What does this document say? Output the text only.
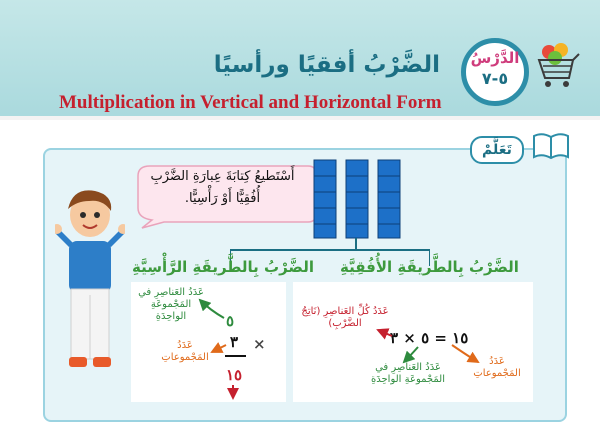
الدَّرْسُ
٥-٧
الضَّرْبُ أفقيًا ورأسيًا
Multiplication in Vertical and Horizontal Form
تَعَلَّمْ
أَسْتَطيعُ كِتابَةَ عِبارَةِ الضَّرْبِ
أُفُقِيًّا أَوْ رَأْسِيًّا.
الضَّرْبُ بِالطَّريقَةِ الرَّأْسِيَّةِ الضَّرْبُ بِالطَّريقَةِ الأُفُقِيَّةِ
عَدَدُ العَناصِرِ في المَجْموعَةِ الواحِدَةِ	٥
عَدَدُ المَجْموعاتِ
×
٣
١٥
عَدَدُ كُلِّ العَناصِرِ (نَاتِجُ الضَّرْبِ)
١٥ = ٥ × ٣
عَدَدُ العَناصِرِ في المَجْموعَةِ الواحِدَةِ
عَدَدُ المَجْموعاتِ
